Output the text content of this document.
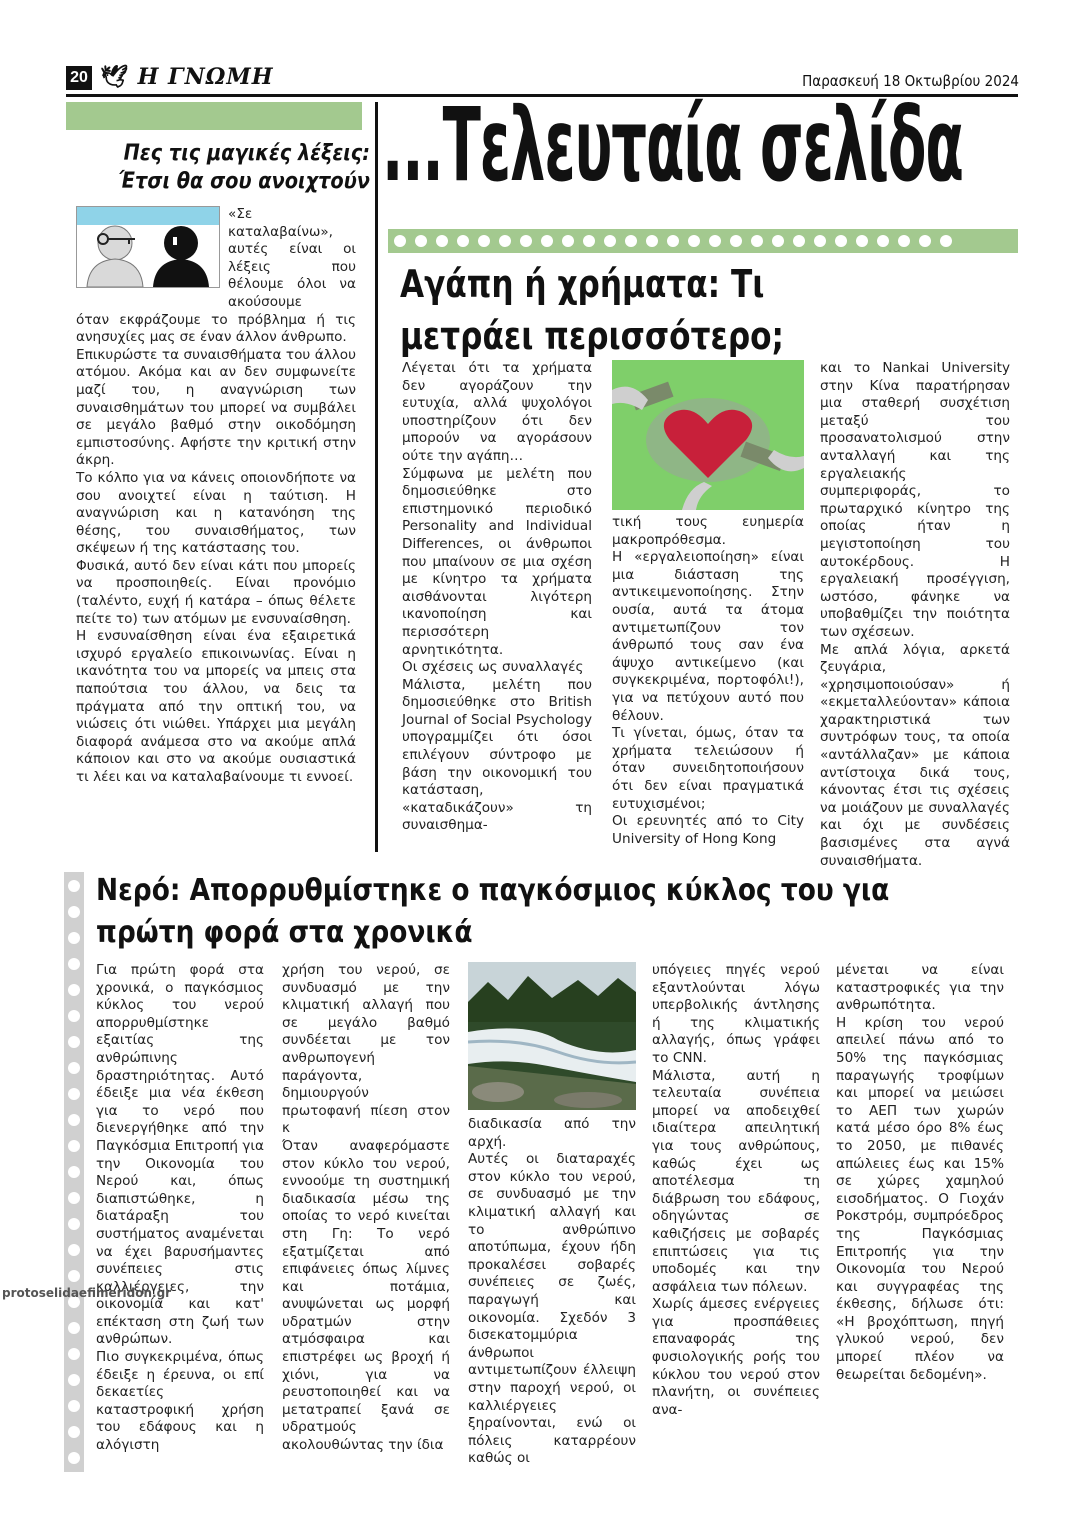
20 🕊 Η ΓΝΩΜΗ	Παρασκευή 18 Οκτωβρίου 2024
Πες τις μαγικές λέξεις:
Έτσι θα σου ανοιχτούν

«Σε καταλαβαίνω», αυτές είναι οι λέξεις που θέλουμε όλοι να ακούσουμε

όταν εκφράζουμε το πρόβλημα ή τις ανησυχίες μας σε έναν άλλον άνθρωπο.

Επικυρώστε τα συναισθήματα του άλλου ατόμου. Ακόμα και αν δεν συμφωνείτε μαζί του, η αναγνώριση των συναισθημάτων του μπορεί να συμβάλει σε μεγάλο βαθμό στην οικοδόμηση εμπιστοσύνης. Αφήστε την κριτική στην άκρη.

Το κόλπο για να κάνεις οποιονδήποτε να σου ανοιχτεί είναι η ταύτιση. Η αναγνώριση και η κατανόηση της θέσης, του συναισθήματος, των σκέψεων ή της κατάστασης του.

Φυσικά, αυτό δεν είναι κάτι που μπορείς να προσποιηθείς. Είναι προνόμιο (ταλέντο, ευχή ή κατάρα – όπως θέλετε πείτε το) των ατόμων με ενσυναίσθηση.

Η ενσυναίσθηση είναι ένα εξαιρετικά ισχυρό εργαλείο επικοινωνίας. Είναι η ικανότητα του να μπορείς να μπεις στα παπούτσια του άλλου, να δεις τα πράγματα από την οπτική του, να νιώσεις ότι νιώθει. Υπάρχει μια μεγάλη διαφορά ανάμεσα στο να ακούμε απλά κάποιον και στο να ακούμε ουσιαστικά τι λέει και να καταλαβαίνουμε τι εννοεί.

...Τελευταία σελίδα
Αγάπη ή χρήματα: Τι μετράει περισσότερο;

Λέγεται ότι τα χρήματα δεν αγοράζουν την ευτυχία, αλλά ψυχολόγοι υποστηρίζουν ότι δεν μπορούν να αγοράσουν ούτε την αγάπη…

Σύμφωνα με μελέτη που δημοσιεύθηκε στο επιστημονικό περιοδικό Personality and Individual Differences, οι άνθρωποι που μπαίνουν σε μια σχέση με κίνητρο τα χρήματα αισθάνονται λιγότερη ικανοποίηση και περισσότερη αρνητικότητα.

Οι σχέσεις ως συναλλαγές

Μάλιστα, μελέτη που δημοσιεύθηκε στο British Journal of Social Psychology υπογραμμίζει ότι όσοι επιλέγουν σύντροφο με βάση την οικονομική του κατάσταση, «καταδικάζουν» τη συναισθημα-

τική τους ευημερία μακροπρόθεσμα.

Η «εργαλειοποίηση» είναι μια διάσταση της αντικειμενοποίησης. Στην ουσία, αυτά τα άτομα αντιμετωπίζουν τον άνθρωπό τους σαν ένα άψυχο αντικείμενο (και συγκεκριμένα, πορτοφόλι!), για να πετύχουν αυτό που θέλουν.

Τι γίνεται, όμως, όταν τα χρήματα τελειώσουν ή όταν συνειδητοποιήσουν ότι δεν είναι πραγματικά ευτυχισμένοι;

Οι ερευνητές από το City University of Hong Kong

και το Nankai University στην Κίνα παρατήρησαν μια σταθερή συσχέτιση μεταξύ του προσανατολισμού στην ανταλλαγή και της εργαλειακής συμπεριφοράς, το πρωταρχικό κίνητρο της οποίας ήταν η μεγιστοποίηση του αυτοκέρδους. Η εργαλειακή προσέγγιση, ωστόσο, φάνηκε να υποβαθμίζει την ποιότητα των σχέσεων.

Με απλά λόγια, αρκετά ζευγάρια, «χρησιμοποιούσαν» ή «εκμεταλλεύονταν» κάποια χαρακτηριστικά των συντρόφων τους, τα οποία «αντάλλαζαν» με κάποια αντίστοιχα δικά τους, κάνοντας έτσι τις σχέσεις να μοιάζουν με συναλλαγές και όχι με συνδέσεις βασισμένες στα αγνά συναισθήματα.

Νερό: Απορρυθμίστηκε ο παγκόσμιος κύκλος του για
πρώτη φορά στα χρονικά

Για πρώτη φορά στα χρονικά, ο παγκόσμιος κύκλος του νερού απορρυθμίστηκε εξαιτίας της ανθρώπινης δραστηριότητας. Αυτό έδειξε μια νέα έκθεση για το νερό που διενεργήθηκε από την Παγκόσμια Επιτροπή για την Οικονομία του Νερού και, όπως διαπιστώθηκε, η διατάραξη του συστήματος αναμένεται να έχει βαρυσήμαντες συνέπειες στις καλλιέργειες, την οικονομία και κατ' επέκταση στη ζωή των ανθρώπων.

Πιο συγκεκριμένα, όπως έδειξε η έρευνα, οι επί δεκαετίες καταστροφική χρήση του εδάφους και η αλόγιστη

χρήση του νερού, σε συνδυασμό με την κλιματική αλλαγή που σε μεγάλο βαθμό συνδέεται με τον ανθρωπογενή παράγοντα, δημιουργούν πρωτοφανή πίεση στον κ

Όταν αναφερόμαστε στον κύκλο του νερού, εννοούμε τη συστημική διαδικασία μέσω της οποίας το νερό κινείται στη Γη: Το νερό εξατμίζεται από επιφάνειες όπως λίμνες και ποτάμια, ανυψώνεται ως μορφή υδρατμών στην ατμόσφαιρα και επιστρέφει ως βροχή ή χιόνι, για να ρευστοποιηθεί και να μετατραπεί ξανά σε υδρατμούς ακολουθώντας την ίδια

διαδικασία από την αρχή.

Αυτές οι διαταραχές στον κύκλο του νερού, σε συνδυασμό με την κλιματική αλλαγή και το ανθρώπινο αποτύπωμα, έχουν ήδη προκαλέσει σοβαρές συνέπειες σε ζωές, παραγωγή και οικονομία. Σχεδόν 3 δισεκατομμύρια άνθρωποι αντιμετωπίζουν έλλειψη στην παροχή νερού, οι καλλιέργειες ξηραίνονται, ενώ οι πόλεις καταρρέουν καθώς οι

υπόγειες πηγές νερού εξαντλούνται λόγω υπερβολικής άντλησης ή της κλιματικής αλλαγής, όπως γράφει το CNN.

Μάλιστα, αυτή η τελευταία συνέπεια μπορεί να αποδειχθεί ιδιαίτερα απειλητική για τους ανθρώπους, καθώς έχει ως αποτέλεσμα τη διάβρωση του εδάφους, οδηγώντας σε καθιζήσεις με σοβαρές επιπτώσεις για τις υποδομές και την ασφάλεια των πόλεων.

Χωρίς άμεσες ενέργειες για προσπάθειες επαναφοράς της φυσιολογικής ροής του κύκλου του νερού στον πλανήτη, οι συνέπειες ανα-

μένεται να είναι καταστροφικές για την ανθρωπότητα.

Η κρίση του νερού απειλεί πάνω από το 50% της παγκόσμιας παραγωγής τροφίμων και μπορεί να μειώσει το ΑΕΠ των χωρών κατά μέσο όρο 8% έως το 2050, με πιθανές απώλειες έως και 15% σε χώρες χαμηλού εισοδήματος. Ο Γιοχάν Ροκστρόμ, συμπρόεδρος της Παγκόσμιας Επιτροπής για την Οικονομία του Νερού και συγγραφέας της έκθεσης, δήλωσε ότι: «Η βροχόπτωση, πηγή γλυκού νερού, δεν μπορεί πλέον να θεωρείται δεδομένη».

protoselidaefimeridon.gr
